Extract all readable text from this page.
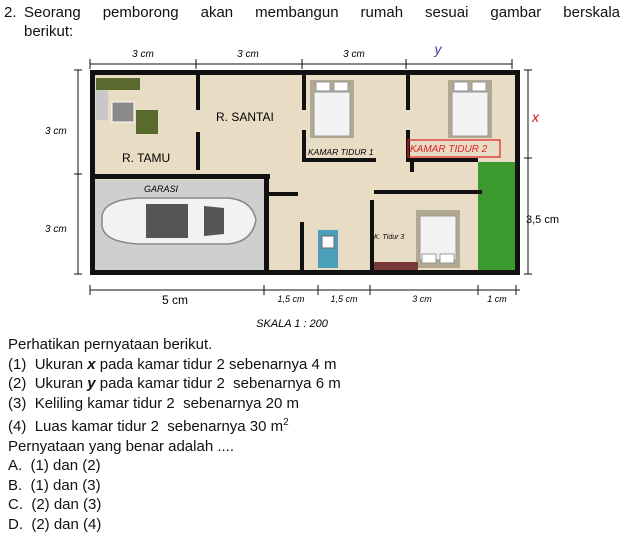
2. Seorang pemborong akan membangun rumah sesuai gambar berskala
berikut:
3 cm	3 cm	3 cm	y
R. SANTAI
R. TAMU
GARASI
KAMAR TIDUR 1	KAMAR TIDUR 2
K. Tidur 3
3 cm
3 cm
x
3,5 cm
5 cm	1,5 cm	1,5 cm	3 cm	1 cm
SKALA 1 : 200
Perhatikan pernyataan berikut.
(1) Ukuran x pada kamar tidur 2 sebenarnya 4 m
(2) Ukuran y pada kamar tidur 2  sebenarnya 6 m
(3) Keliling kamar tidur 2  sebenarnya 20 m
(4) Luas kamar tidur 2  sebenarnya 30 $m^2$
Pernyataan yang benar adalah ....
A. (1) dan (2)
B. (1) dan (3)
C. (2) dan (3)
D. (2) dan (4)
